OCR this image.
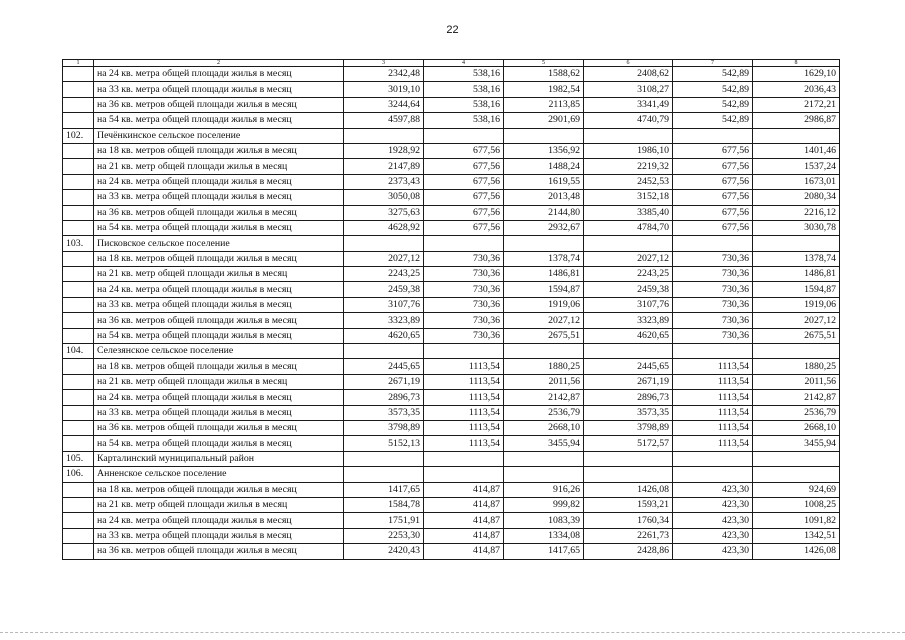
22
1	2	3	4	5	6	7	8
	на 24 кв. метра общей площади жилья в месяц	2342,48	538,16	1588,62	2408,62	542,89	1629,10
	на 33 кв. метра общей площади жилья в месяц	3019,10	538,16	1982,54	3108,27	542,89	2036,43
	на 36 кв. метров общей площади жилья в месяц	3244,64	538,16	2113,85	3341,49	542,89	2172,21
	на 54 кв. метра общей площади жилья в месяц	4597,88	538,16	2901,69	4740,79	542,89	2986,87
102.	Печёнкинское сельское поселение						
	на 18 кв. метров общей площади жилья в месяц	1928,92	677,56	1356,92	1986,10	677,56	1401,46
	на 21 кв. метр общей площади жилья в месяц	2147,89	677,56	1488,24	2219,32	677,56	1537,24
	на 24 кв. метра общей площади жилья в месяц	2373,43	677,56	1619,55	2452,53	677,56	1673,01
	на 33 кв. метра общей площади жилья в месяц	3050,08	677,56	2013,48	3152,18	677,56	2080,34
	на 36 кв. метров общей площади жилья в месяц	3275,63	677,56	2144,80	3385,40	677,56	2216,12
	на 54 кв. метра общей площади жилья в месяц	4628,92	677,56	2932,67	4784,70	677,56	3030,78
103.	Писковское сельское поселение						
	на 18 кв. метров общей площади жилья в месяц	2027,12	730,36	1378,74	2027,12	730,36	1378,74
	на 21 кв. метр общей площади жилья в месяц	2243,25	730,36	1486,81	2243,25	730,36	1486,81
	на 24 кв. метра общей площади жилья в месяц	2459,38	730,36	1594,87	2459,38	730,36	1594,87
	на 33 кв. метра общей площади жилья в месяц	3107,76	730,36	1919,06	3107,76	730,36	1919,06
	на 36 кв. метров общей площади жилья в месяц	3323,89	730,36	2027,12	3323,89	730,36	2027,12
	на 54 кв. метра общей площади жилья в месяц	4620,65	730,36	2675,51	4620,65	730,36	2675,51
104.	Селезянское сельское поселение						
	на 18 кв. метров общей площади жилья в месяц	2445,65	1113,54	1880,25	2445,65	1113,54	1880,25
	на 21 кв. метр общей площади жилья в месяц	2671,19	1113,54	2011,56	2671,19	1113,54	2011,56
	на 24 кв. метра общей площади жилья в месяц	2896,73	1113,54	2142,87	2896,73	1113,54	2142,87
	на 33 кв. метра общей площади жилья в месяц	3573,35	1113,54	2536,79	3573,35	1113,54	2536,79
	на 36 кв. метров общей площади жилья в месяц	3798,89	1113,54	2668,10	3798,89	1113,54	2668,10
	на 54 кв. метра общей площади жилья в месяц	5152,13	1113,54	3455,94	5172,57	1113,54	3455,94
105.	Карталинский муниципальный район						
106.	Анненское сельское поселение						
	на 18 кв. метров общей площади жилья в месяц	1417,65	414,87	916,26	1426,08	423,30	924,69
	на 21 кв. метр общей площади жилья в месяц	1584,78	414,87	999,82	1593,21	423,30	1008,25
	на 24 кв. метра общей площади жилья в месяц	1751,91	414,87	1083,39	1760,34	423,30	1091,82
	на 33 кв. метра общей площади жилья в месяц	2253,30	414,87	1334,08	2261,73	423,30	1342,51
	на 36 кв. метров общей площади жилья в месяц	2420,43	414,87	1417,65	2428,86	423,30	1426,08
